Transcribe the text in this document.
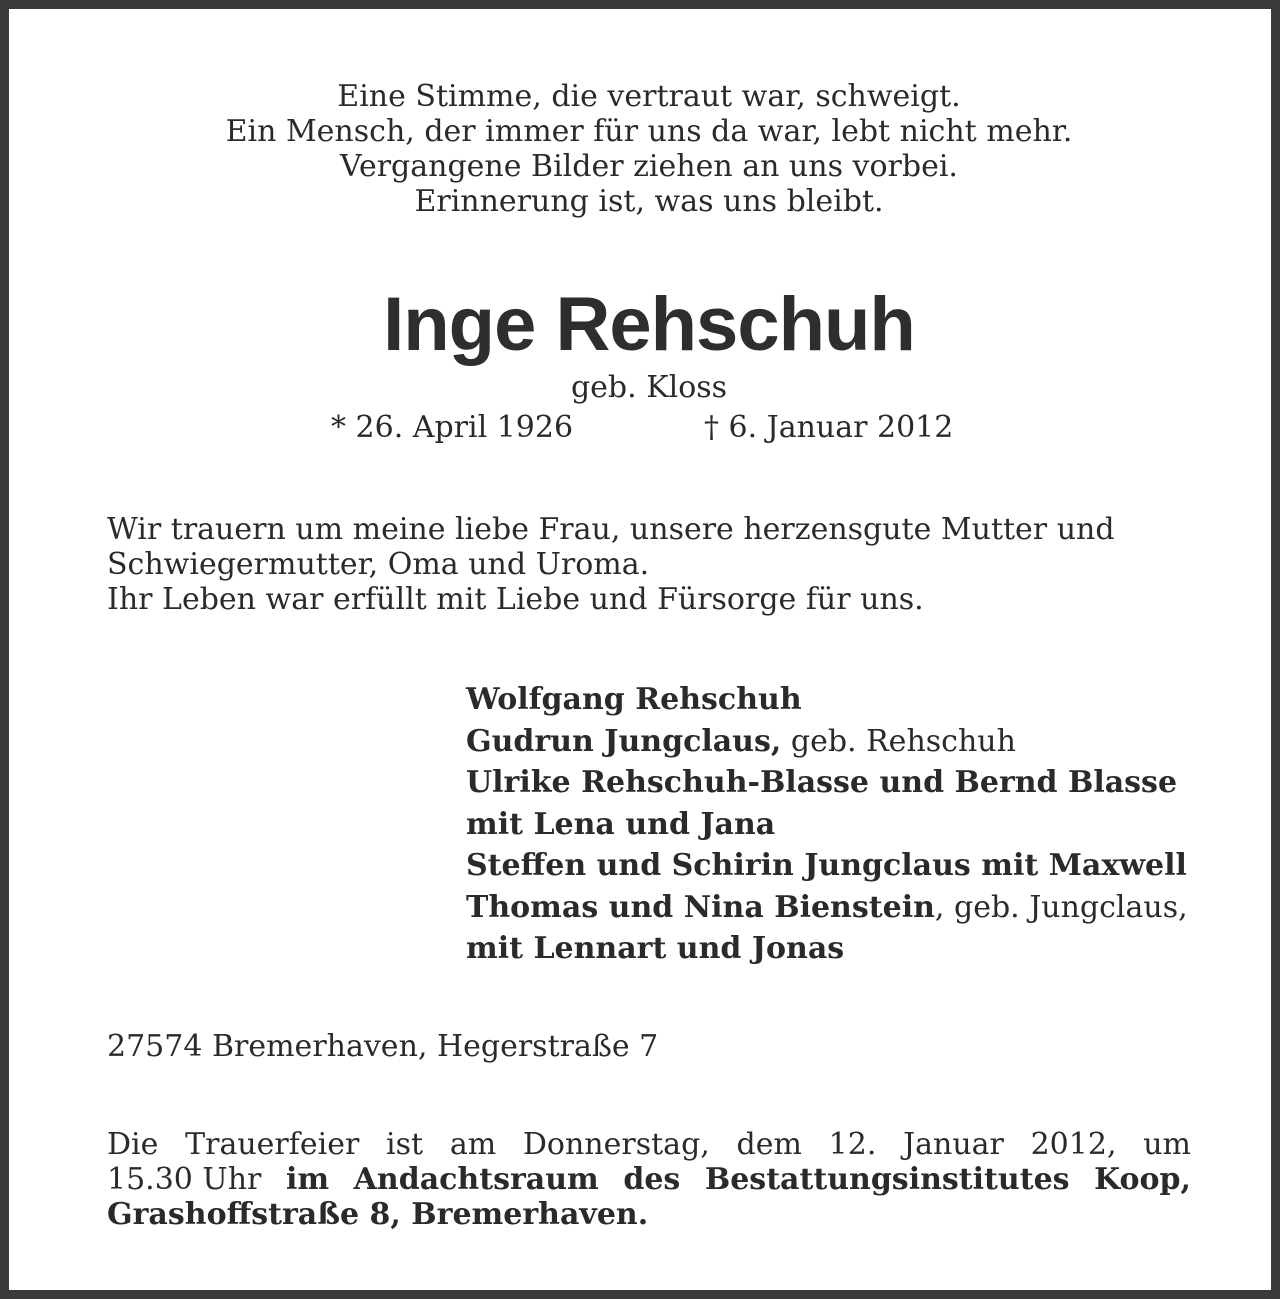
Eine Stimme, die vertraut war, schweigt.
Ein Mensch, der immer für uns da war, lebt nicht mehr.
Vergangene Bilder ziehen an uns vorbei.
Erinnerung ist, was uns bleibt.
Inge Rehschuh
geb. Kloss
* 26. April 1926	† 6. Januar 2012
Wir trauern um meine liebe Frau, unsere herzensgute Mutter und
Schwiegermutter, Oma und Uroma.
Ihr Leben war erfüllt mit Liebe und Fürsorge für uns.
Wolfgang Rehschuh
Gudrun Jungclaus, geb. Rehschuh
Ulrike Rehschuh-Blasse und Bernd Blasse
mit Lena und Jana
Steffen und Schirin Jungclaus mit Maxwell
Thomas und Nina Bienstein, geb. Jungclaus,
mit Lennart und Jonas
27574 Bremerhaven, Hegerstraße 7
Die Trauerfeier ist am Donnerstag, dem 12. Januar 2012, um
15.30 Uhr im Andachtsraum des Bestattungsinstitutes Koop,
Grashoffstraße 8, Bremerhaven.
